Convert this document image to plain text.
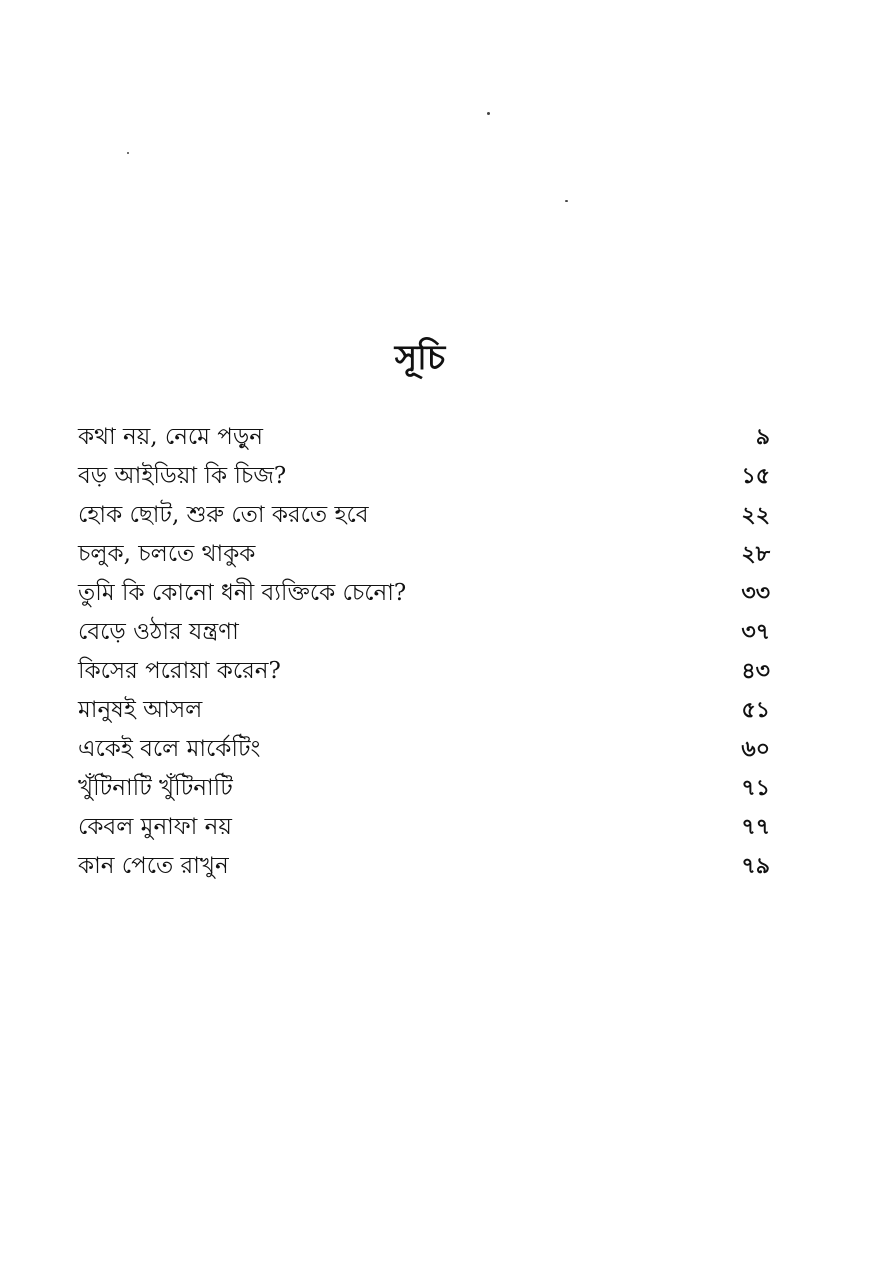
সূচি
কথা নয়, নেমে পড়ুন	৯
বড় আইডিয়া কি চিজ?	১৫
হোক ছোট, শুরু তো করতে হবে	২২
চলুক, চলতে থাকুক	২৮
তুমি কি কোনো ধনী ব্যক্তিকে চেনো?	৩৩
বেড়ে ওঠার যন্ত্রণা	৩৭
কিসের পরোয়া করেন?	৪৩
মানুষই আসল	৫১
একেই বলে মার্কেটিং	৬০
খুঁটিনাটি খুঁটিনাটি	৭১
কেবল মুনাফা নয়	৭৭
কান পেতে রাখুন	৭৯
